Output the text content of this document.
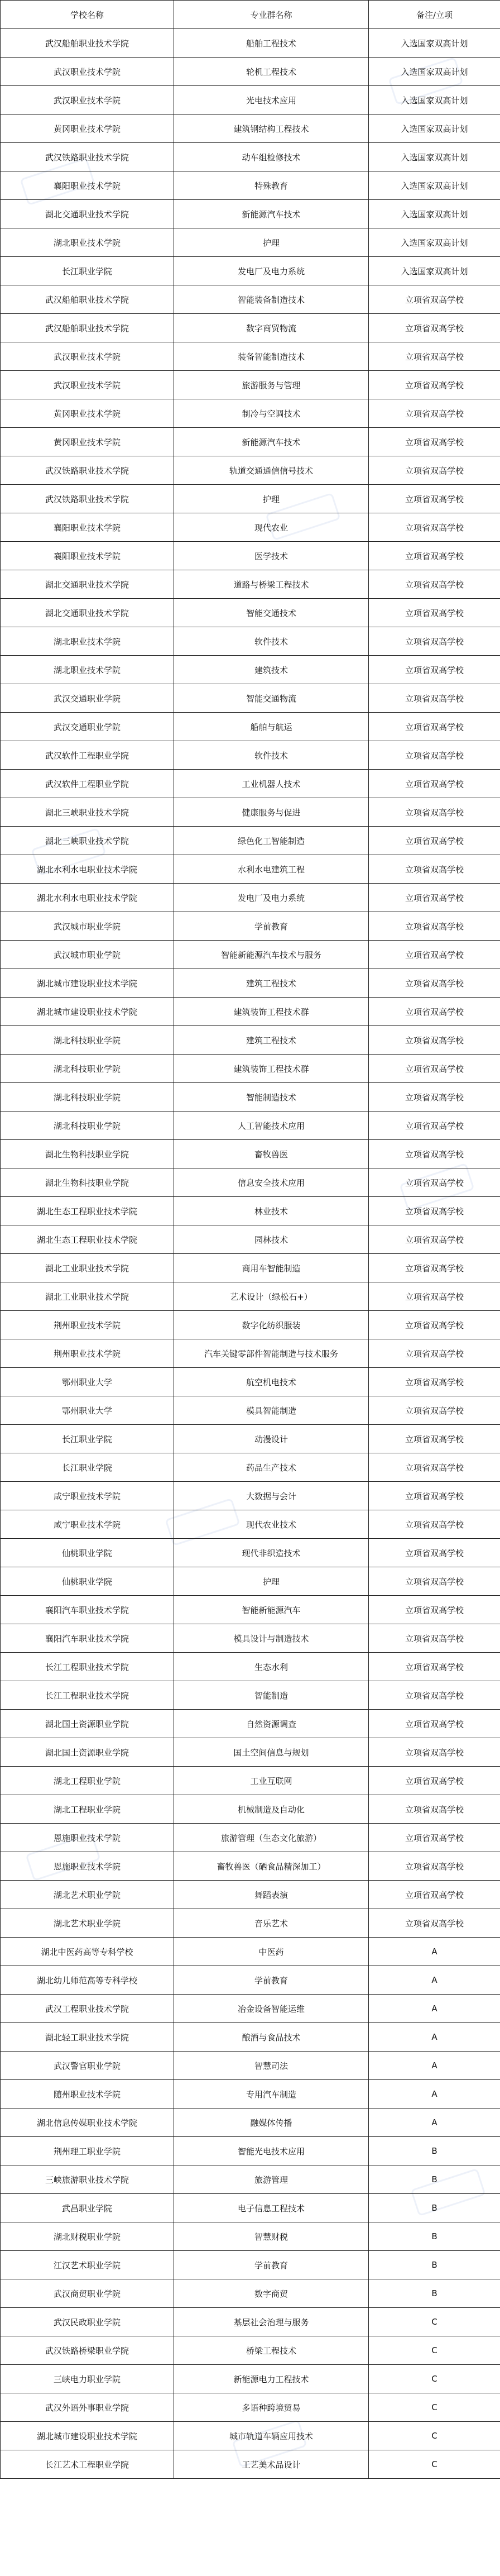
学校名称	专业群名称	备注/立项
武汉船舶职业技术学院	船舶工程技术	入选国家双高计划
武汉职业技术学院	轮机工程技术	入选国家双高计划
武汉职业技术学院	光电技术应用	入选国家双高计划
黄冈职业技术学院	建筑钢结构工程技术	入选国家双高计划
武汉铁路职业技术学院	动车组检修技术	入选国家双高计划
襄阳职业技术学院	特殊教育	入选国家双高计划
湖北交通职业技术学院	新能源汽车技术	入选国家双高计划
湖北职业技术学院	护理	入选国家双高计划
长江职业学院	发电厂及电力系统	入选国家双高计划
武汉船舶职业技术学院	智能装备制造技术	立项省双高学校
武汉船舶职业技术学院	数字商贸物流	立项省双高学校
武汉职业技术学院	装备智能制造技术	立项省双高学校
武汉职业技术学院	旅游服务与管理	立项省双高学校
黄冈职业技术学院	制冷与空调技术	立项省双高学校
黄冈职业技术学院	新能源汽车技术	立项省双高学校
武汉铁路职业技术学院	轨道交通通信信号技术	立项省双高学校
武汉铁路职业技术学院	护理	立项省双高学校
襄阳职业技术学院	现代农业	立项省双高学校
襄阳职业技术学院	医学技术	立项省双高学校
湖北交通职业技术学院	道路与桥梁工程技术	立项省双高学校
湖北交通职业技术学院	智能交通技术	立项省双高学校
湖北职业技术学院	软件技术	立项省双高学校
湖北职业技术学院	建筑技术	立项省双高学校
武汉交通职业学院	智能交通物流	立项省双高学校
武汉交通职业学院	船舶与航运	立项省双高学校
武汉软件工程职业学院	软件技术	立项省双高学校
武汉软件工程职业学院	工业机器人技术	立项省双高学校
湖北三峡职业技术学院	健康服务与促进	立项省双高学校
湖北三峡职业技术学院	绿色化工智能制造	立项省双高学校
湖北水利水电职业技术学院	水利水电建筑工程	立项省双高学校
湖北水利水电职业技术学院	发电厂及电力系统	立项省双高学校
武汉城市职业学院	学前教育	立项省双高学校
武汉城市职业学院	智能新能源汽车技术与服务	立项省双高学校
湖北城市建设职业技术学院	建筑工程技术	立项省双高学校
湖北城市建设职业技术学院	建筑装饰工程技术群	立项省双高学校
湖北科技职业学院	建筑工程技术	立项省双高学校
湖北科技职业学院	建筑装饰工程技术群	立项省双高学校
湖北科技职业学院	智能制造技术	立项省双高学校
湖北科技职业学院	人工智能技术应用	立项省双高学校
湖北生物科技职业学院	畜牧兽医	立项省双高学校
湖北生物科技职业学院	信息安全技术应用	立项省双高学校
湖北生态工程职业技术学院	林业技术	立项省双高学校
湖北生态工程职业技术学院	园林技术	立项省双高学校
湖北工业职业技术学院	商用车智能制造	立项省双高学校
湖北工业职业技术学院	艺术设计（绿松石+）	立项省双高学校
荆州职业技术学院	数字化纺织服装	立项省双高学校
荆州职业技术学院	汽车关键零部件智能制造与技术服务	立项省双高学校
鄂州职业大学	航空机电技术	立项省双高学校
鄂州职业大学	模具智能制造	立项省双高学校
长江职业学院	动漫设计	立项省双高学校
长江职业学院	药品生产技术	立项省双高学校
咸宁职业技术学院	大数据与会计	立项省双高学校
咸宁职业技术学院	现代农业技术	立项省双高学校
仙桃职业学院	现代非织造技术	立项省双高学校
仙桃职业学院	护理	立项省双高学校
襄阳汽车职业技术学院	智能新能源汽车	立项省双高学校
襄阳汽车职业技术学院	模具设计与制造技术	立项省双高学校
长江工程职业技术学院	生态水利	立项省双高学校
长江工程职业技术学院	智能制造	立项省双高学校
湖北国土资源职业学院	自然资源调查	立项省双高学校
湖北国土资源职业学院	国土空间信息与规划	立项省双高学校
湖北工程职业学院	工业互联网	立项省双高学校
湖北工程职业学院	机械制造及自动化	立项省双高学校
恩施职业技术学院	旅游管理（生态文化旅游）	立项省双高学校
恩施职业技术学院	畜牧兽医（硒食品精深加工）	立项省双高学校
湖北艺术职业学院	舞蹈表演	立项省双高学校
湖北艺术职业学院	音乐艺术	立项省双高学校
湖北中医药高等专科学校	中医药	A
湖北幼儿师范高等专科学校	学前教育	A
武汉工程职业技术学院	冶金设备智能运维	A
湖北轻工职业技术学院	酿酒与食品技术	A
武汉警官职业学院	智慧司法	A
随州职业技术学院	专用汽车制造	A
湖北信息传媒职业技术学院	融媒体传播	A
荆州理工职业学院	智能光电技术应用	B
三峡旅游职业技术学院	旅游管理	B
武昌职业学院	电子信息工程技术	B
湖北财税职业学院	智慧财税	B
江汉艺术职业学院	学前教育	B
武汉商贸职业学院	数字商贸	B
武汉民政职业学院	基层社会治理与服务	C
武汉铁路桥梁职业学院	桥梁工程技术	C
三峡电力职业学院	新能源电力工程技术	C
武汉外语外事职业学院	多语种跨境贸易	C
湖北城市建设职业技术学院	城市轨道车辆应用技术	C
长江艺术工程职业学院	工艺美术品设计	C
